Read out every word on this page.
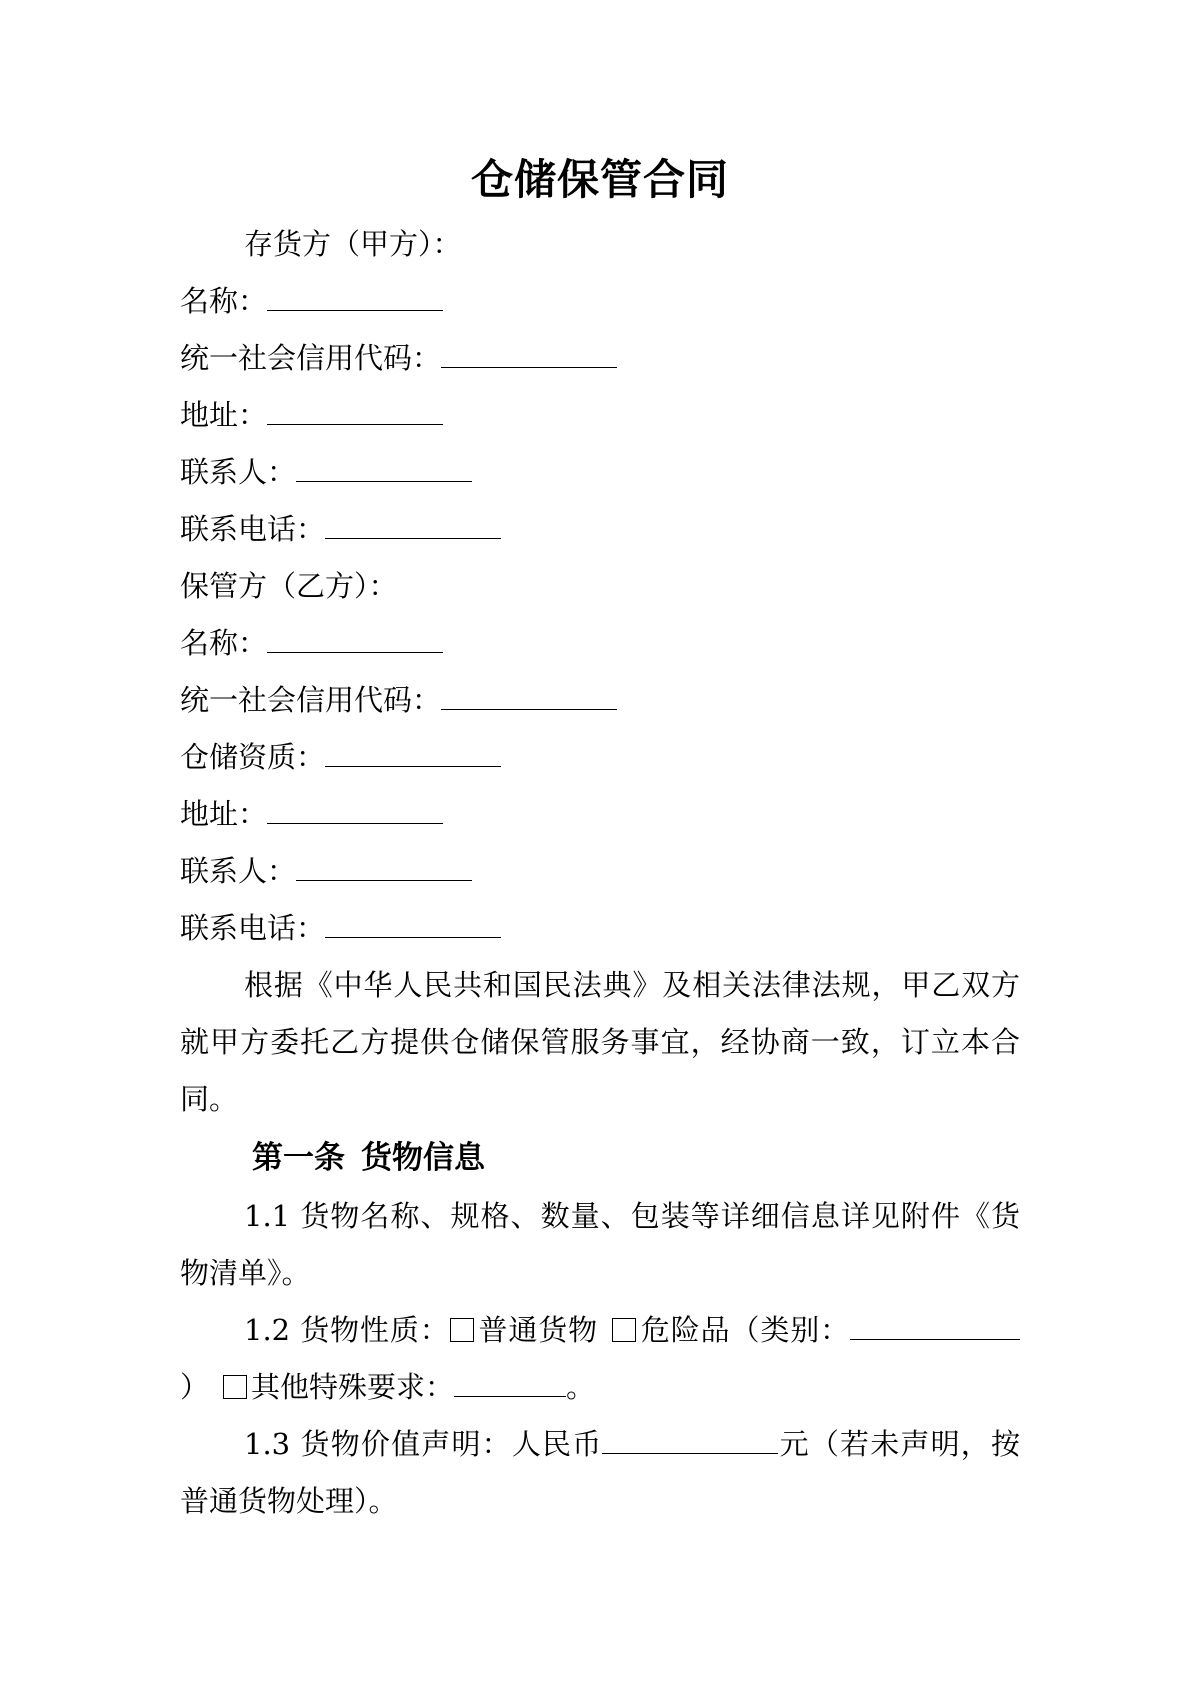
仓储保管合同
存货方（甲方）：
名称：
统一社会信用代码：
地址：
联系人：
联系电话：
保管方（乙方）：
名称：
统一社会信用代码：
仓储资质：
地址：
联系人：
联系电话：

根据《中华人民共和国民法典》及相关法律法规，甲乙双方就甲方委托乙方提供仓储保管服务事宜，经协商一致，订立本合同。

第一条 货物信息

1.1 货物名称、规格、数量、包装等详细信息详见附件《货物清单》。

1.2 货物性质： 普通货物 危险品（类别：） 其他特殊要求：	。

1.3 货物价值声明：人民币	元（若未声明，按普通货物处理）。
